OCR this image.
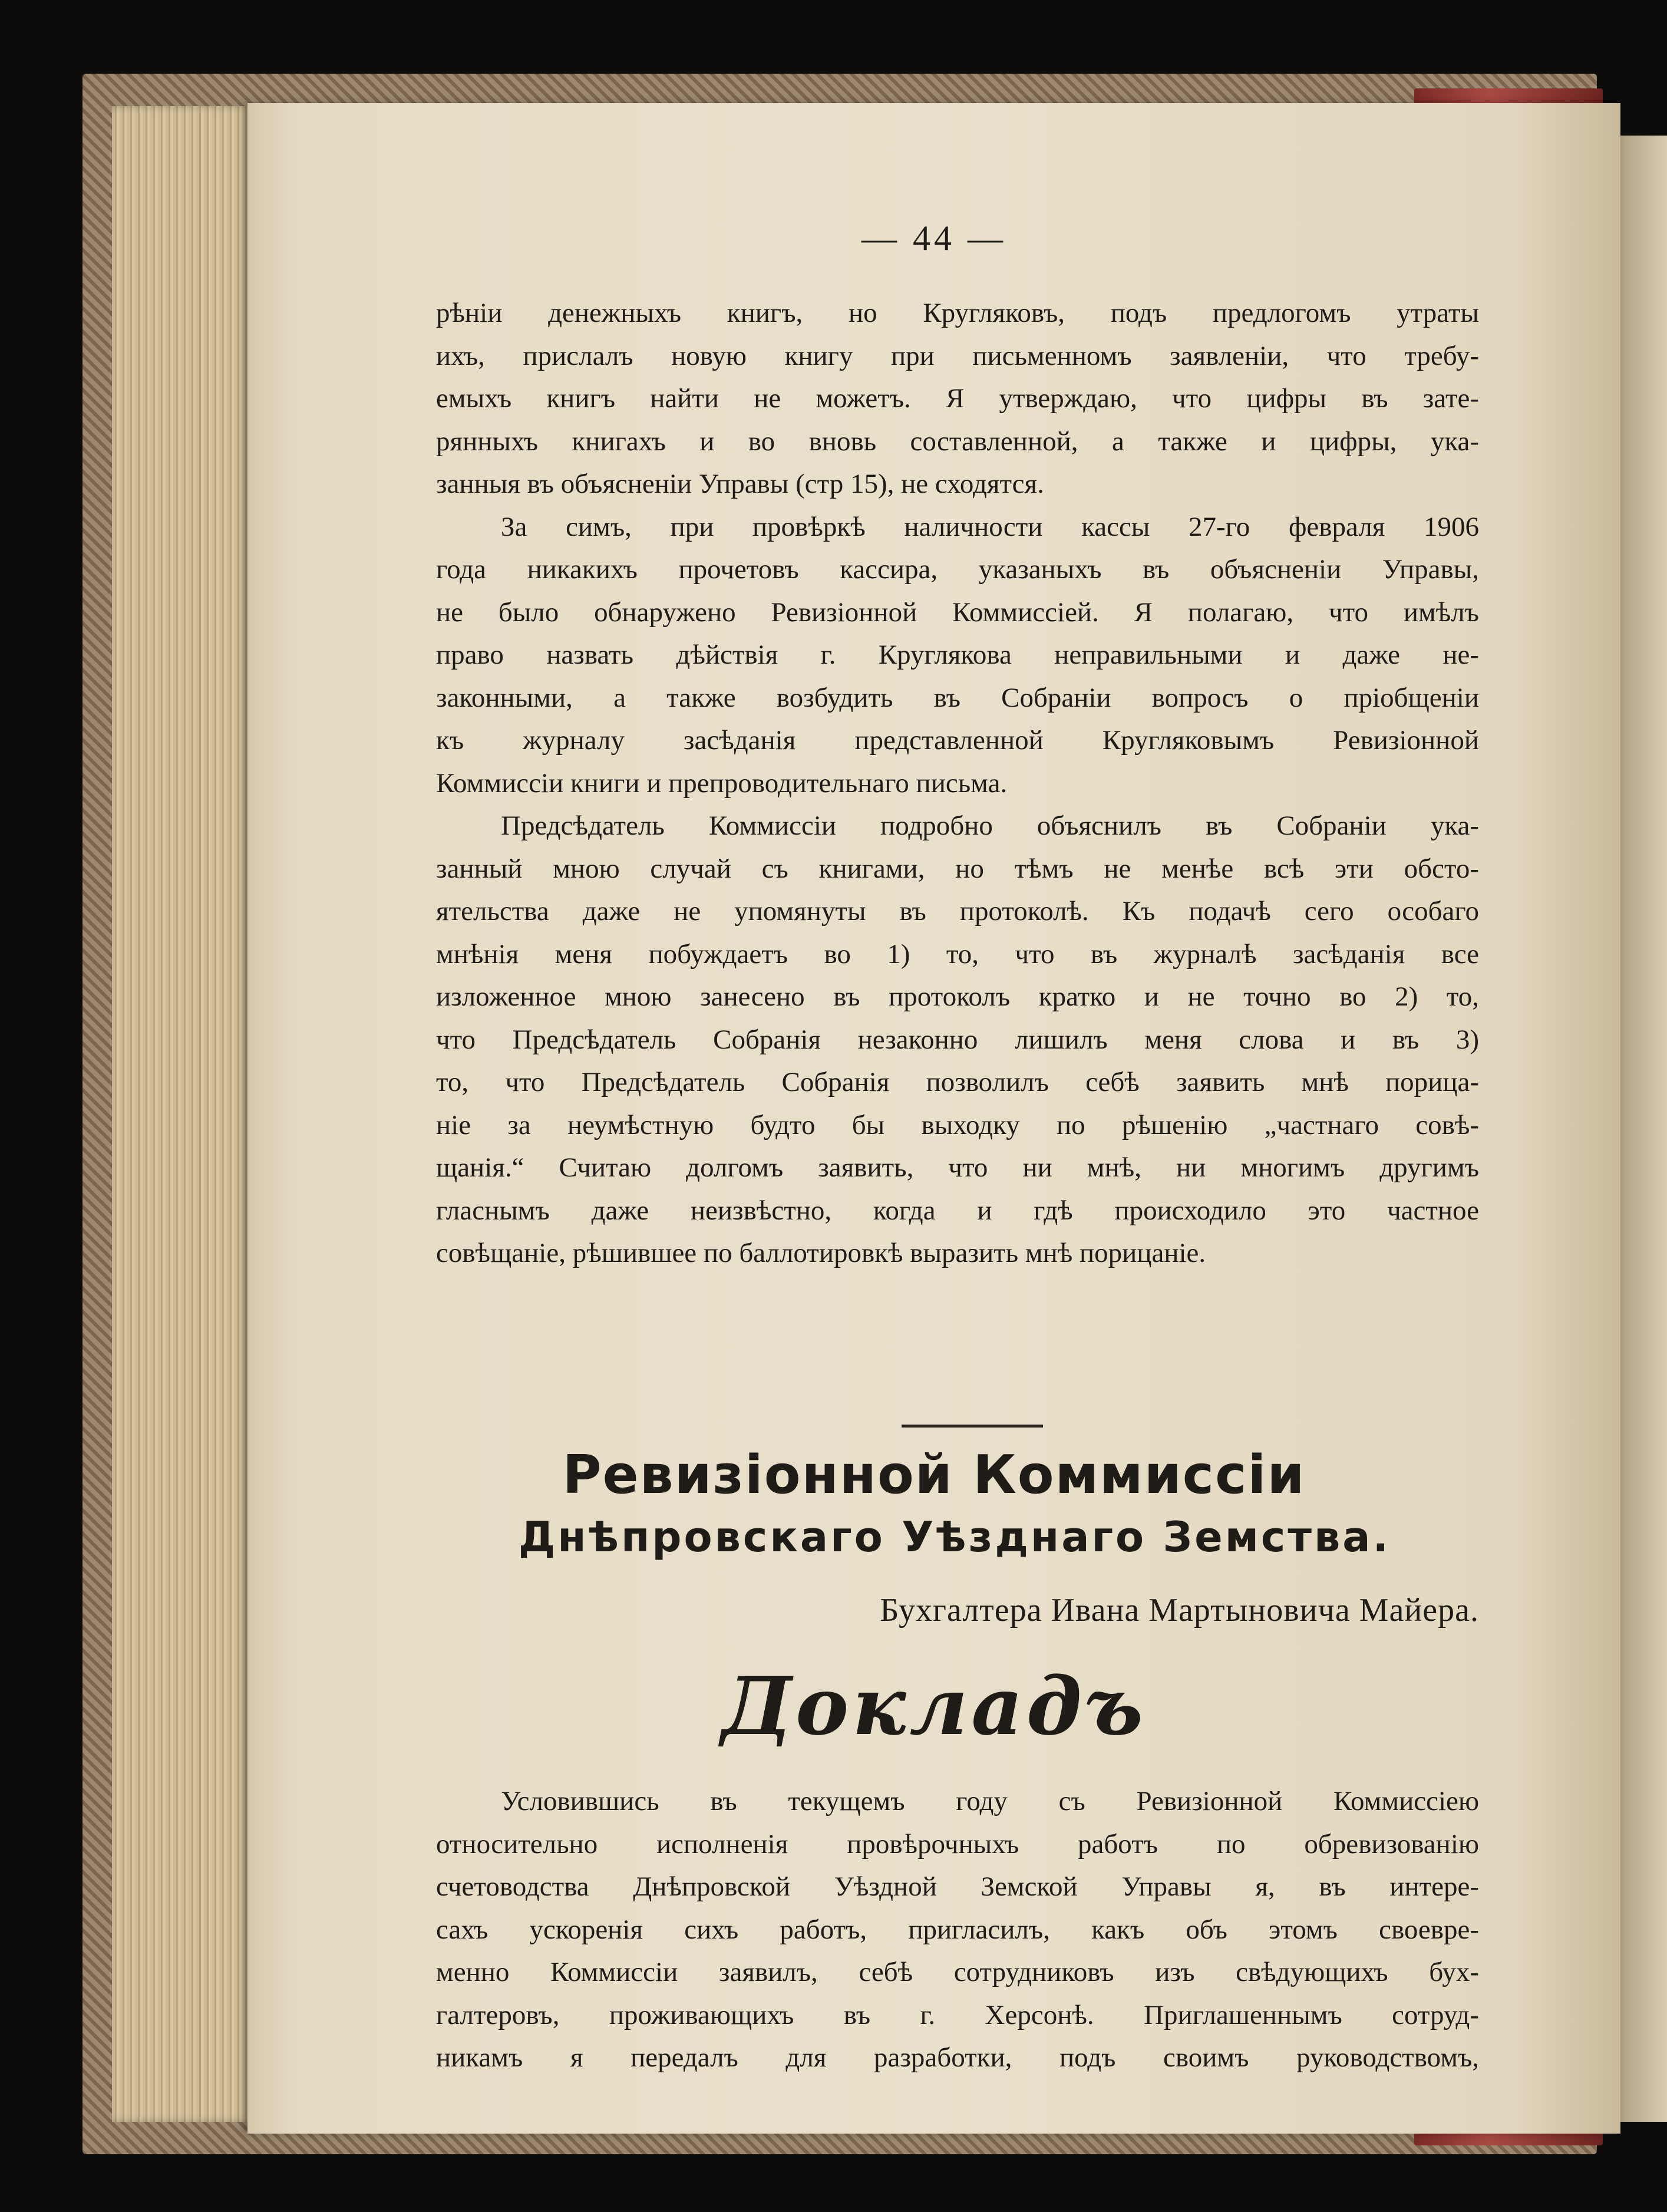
— 44 —

рѣніи денежныхъ книгъ, но Кругляковъ, подъ предлогомъ утраты
ихъ, прислалъ новую книгу при письменномъ заявленіи, что требу-
емыхъ книгъ найти не можетъ. Я утверждаю, что цифры въ зате-
рянныхъ книгахъ и во вновь составленной, а также и цифры, ука-
занныя въ объясненіи Управы (стр 15), не сходятся.

За симъ, при провѣркѣ наличности кассы 27-го февраля 1906
года никакихъ прочетовъ кассира, указаныхъ въ объясненіи Управы,
не было обнаружено Ревизіонной Коммиссіей. Я полагаю, что имѣлъ
право назвать дѣйствія г. Круглякова неправильными и даже не-
законными, а также возбудить въ Собраніи вопросъ о пріобщеніи
къ журналу засѣданія представленной Кругляковымъ Ревизіонной
Коммиссіи книги и препроводительнаго письма.

Предсѣдатель Коммиссіи подробно объяснилъ въ Собраніи ука-
занный мною случай съ книгами, но тѣмъ не менѣе всѣ эти обсто-
ятельства даже не упомянуты въ протоколѣ. Къ подачѣ сего особаго
мнѣнія меня побуждаетъ во 1) то, что въ журналѣ засѣданія все
изложенное мною занесено въ протоколъ кратко и не точно во 2) то,
что Предсѣдатель Собранія незаконно лишилъ меня слова и въ 3)
то, что Предсѣдатель Собранія позволилъ себѣ заявить мнѣ порица-
ніе за неумѣстную будто бы выходку по рѣшенію „частнаго совѣ-
щанія.“ Считаю долгомъ заявить, что ни мнѣ, ни многимъ другимъ
гласнымъ даже неизвѣстно, когда и гдѣ происходило это частное
совѣщаніе, рѣшившее по баллотировкѣ выразить мнѣ порицаніе.

Ревизіонной Коммиссіи
Днѣпровскаго Уѣзднаго Земства.
Бухгалтера Ивана Мартыновича Майера.
Докладъ

Условившись въ текущемъ году съ Ревизіонной Коммиссіею
относительно исполненія провѣрочныхъ работъ по обревизованію
счетоводства Днѣпровской Уѣздной Земской Управы я, въ интере-
сахъ ускоренія сихъ работъ, пригласилъ, какъ объ этомъ своевре-
менно Коммиссіи заявилъ, себѣ сотрудниковъ изъ свѣдующихъ бух-
галтеровъ, проживающихъ въ г. Херсонѣ. Приглашеннымъ сотруд-
никамъ я передалъ для разработки, подъ своимъ руководствомъ,
